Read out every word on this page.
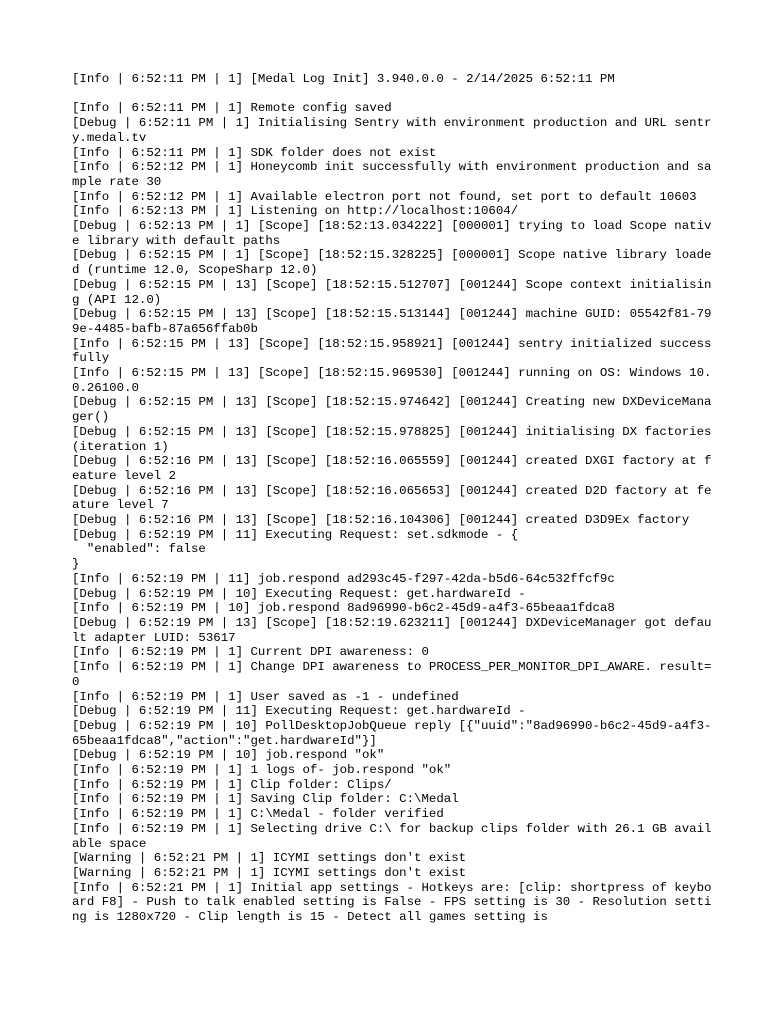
[Info | 6:52:11 PM | 1] [Medal Log Init] 3.940.0.0 - 2/14/2025 6:52:11 PM
[Info | 6:52:11 PM | 1] Remote config saved
[Debug | 6:52:11 PM | 1] Initialising Sentry with environment production and URL sentry.medal.tv
[Info | 6:52:11 PM | 1] SDK folder does not exist
[Info | 6:52:12 PM | 1] Honeycomb init successfully with environment production and sample rate 30
[Info | 6:52:12 PM | 1] Available electron port not found, set port to default 10603
[Info | 6:52:13 PM | 1] Listening on http://localhost:10604/
[Debug | 6:52:13 PM | 1] [Scope] [18:52:13.034222] [000001] trying to load Scope native library with default paths
[Debug | 6:52:15 PM | 1] [Scope] [18:52:15.328225] [000001] Scope native library loaded (runtime 12.0, ScopeSharp 12.0)
[Debug | 6:52:15 PM | 13] [Scope] [18:52:15.512707] [001244] Scope context initialising (API 12.0)
[Debug | 6:52:15 PM | 13] [Scope] [18:52:15.513144] [001244] machine GUID: 05542f81-799e-4485-bafb-87a656ffab0b
[Info | 6:52:15 PM | 13] [Scope] [18:52:15.958921] [001244] sentry initialized successfully
[Info | 6:52:15 PM | 13] [Scope] [18:52:15.969530] [001244] running on OS: Windows 10.0.26100.0
[Debug | 6:52:15 PM | 13] [Scope] [18:52:15.974642] [001244] Creating new DXDeviceManager()
[Debug | 6:52:15 PM | 13] [Scope] [18:52:15.978825] [001244] initialising DX factories (iteration 1)
[Debug | 6:52:16 PM | 13] [Scope] [18:52:16.065559] [001244] created DXGI factory at feature level 2
[Debug | 6:52:16 PM | 13] [Scope] [18:52:16.065653] [001244] created D2D factory at feature level 7
[Debug | 6:52:16 PM | 13] [Scope] [18:52:16.104306] [001244] created D3D9Ex factory
[Debug | 6:52:19 PM | 11] Executing Request: set.sdkmode - {
"enabled": false
}
[Info | 6:52:19 PM | 11] job.respond ad293c45-f297-42da-b5d6-64c532ffcf9c
[Debug | 6:52:19 PM | 10] Executing Request: get.hardwareId -
[Info | 6:52:19 PM | 10] job.respond 8ad96990-b6c2-45d9-a4f3-65beaa1fdca8
[Debug | 6:52:19 PM | 13] [Scope] [18:52:19.623211] [001244] DXDeviceManager got default adapter LUID: 53617
[Info | 6:52:19 PM | 1] Current DPI awareness: 0
[Info | 6:52:19 PM | 1] Change DPI awareness to PROCESS_PER_MONITOR_DPI_AWARE. result=0
[Info | 6:52:19 PM | 1] User saved as -1 - undefined
[Debug | 6:52:19 PM | 11] Executing Request: get.hardwareId -
[Debug | 6:52:19 PM | 10] PollDesktopJobQueue reply [{"uuid":"8ad96990-b6c2-45d9-a4f3-65beaa1fdca8","action":"get.hardwareId"}]
[Debug | 6:52:19 PM | 10] job.respond "ok"
[Info | 6:52:19 PM | 1] 1 logs of- job.respond "ok"
[Info | 6:52:19 PM | 1] Clip folder: Clips/
[Info | 6:52:19 PM | 1] Saving Clip folder: C:\Medal
[Info | 6:52:19 PM | 1] C:\Medal - folder verified
[Info | 6:52:19 PM | 1] Selecting drive C:\ for backup clips folder with 26.1 GB available space
[Warning | 6:52:21 PM | 1] ICYMI settings don't exist
[Warning | 6:52:21 PM | 1] ICYMI settings don't exist
[Info | 6:52:21 PM | 1] Initial app settings - Hotkeys are: [clip: shortpress of keyboard F8] - Push to talk enabled setting is False - FPS setting is 30 - Resolution setting is 1280x720 - Clip length is 15 - Detect all games setting is
